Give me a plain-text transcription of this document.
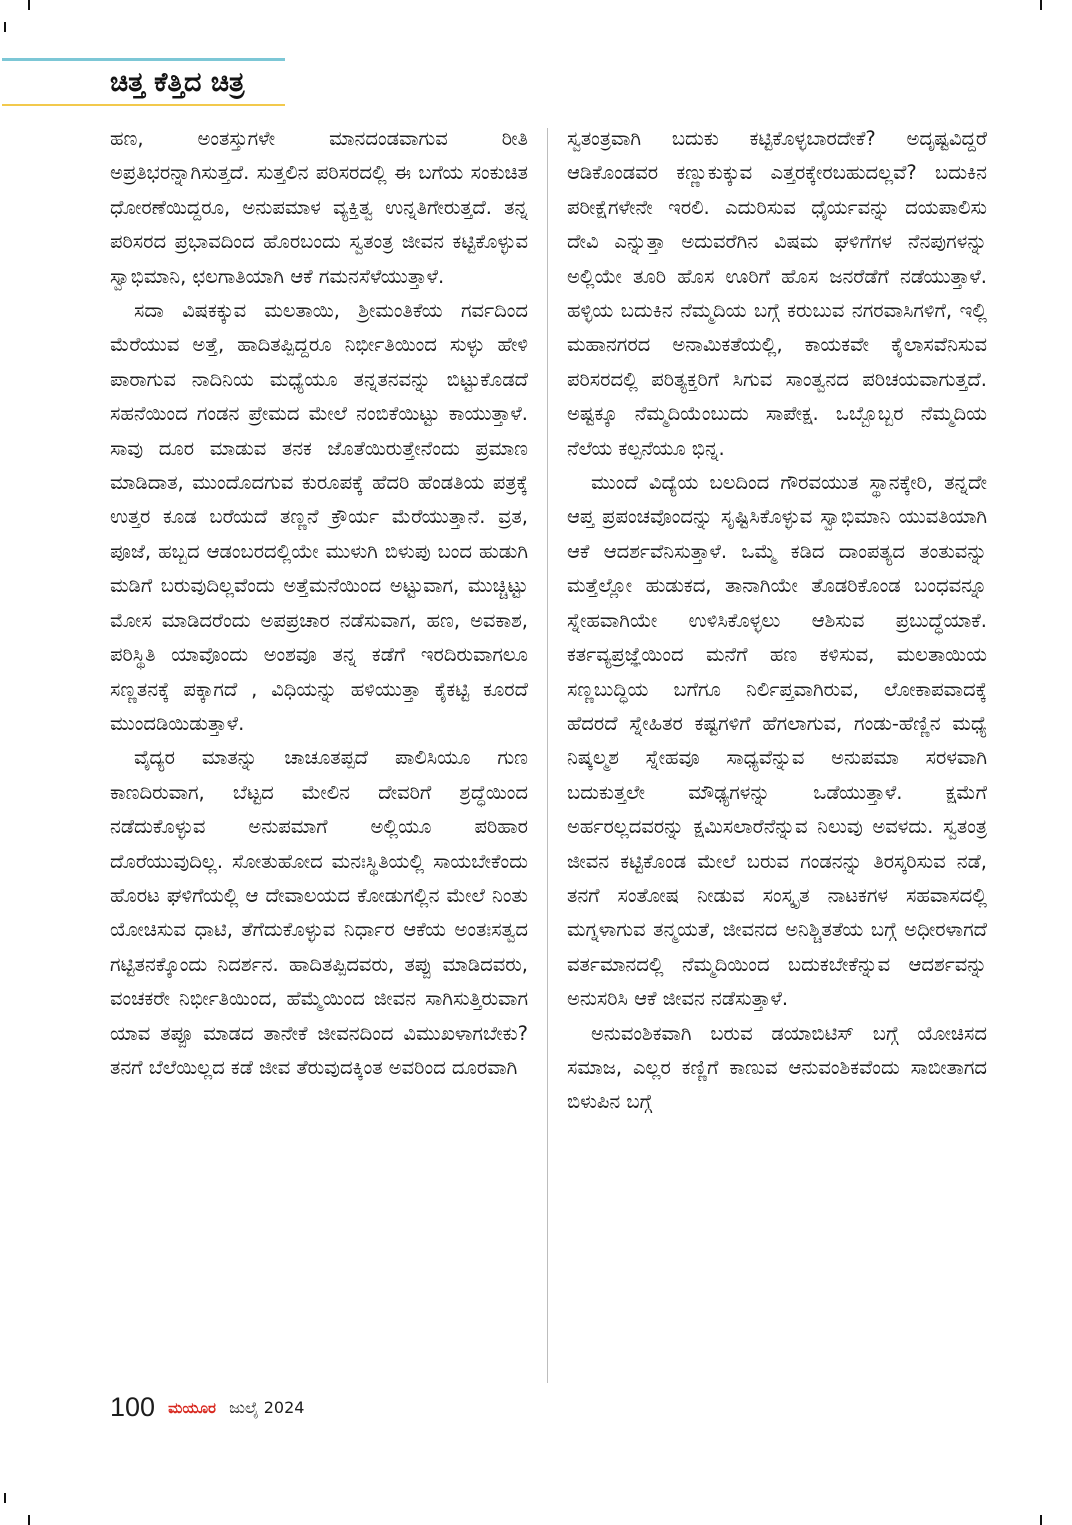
ಚಿತ್ತ ಕೆತ್ತಿದ ಚಿತ್ರ

ಹಣ, ಅಂತಸ್ತುಗಳೇ ಮಾನದಂಡವಾಗುವ ರೀತಿ ಅಪ್ರತಿಭರನ್ನಾಗಿಸುತ್ತದೆ. ಸುತ್ತಲಿನ ಪರಿಸರದಲ್ಲಿ ಈ ಬಗೆಯ ಸಂಕುಚಿತ ಧೋರಣೆಯಿದ್ದರೂ, ಅನುಪಮಾಳ ವ್ಯಕ್ತಿತ್ವ ಉನ್ನತಿಗೇರುತ್ತದೆ. ತನ್ನ ಪರಿಸರದ ಪ್ರಭಾವದಿಂದ ಹೊರಬಂದು ಸ್ವತಂತ್ರ ಜೀವನ ಕಟ್ಟಿಕೊಳ್ಳುವ ಸ್ವಾಭಿಮಾನಿ, ಛಲಗಾತಿಯಾಗಿ ಆಕೆ ಗಮನಸೆಳೆಯುತ್ತಾಳೆ.

ಸದಾ ವಿಷಕಕ್ಕುವ ಮಲತಾಯಿ, ಶ್ರೀಮಂತಿಕೆಯ ಗರ್ವದಿಂದ ಮೆರೆಯುವ ಅತ್ತೆ, ಹಾದಿತಪ್ಪಿದ್ದರೂ ನಿರ್ಭೀತಿಯಿಂದ ಸುಳ್ಳು ಹೇಳಿ ಪಾರಾಗುವ ನಾದಿನಿಯ ಮಧ್ಯೆಯೂ ತನ್ನತನವನ್ನು ಬಿಟ್ಟುಕೊಡದೆ ಸಹನೆಯಿಂದ ಗಂಡನ ಪ್ರೇಮದ ಮೇಲೆ ನಂಬಿಕೆಯಿಟ್ಟು ಕಾಯುತ್ತಾಳೆ. ಸಾವು ದೂರ ಮಾಡುವ ತನಕ ಜೊತೆಯಿರುತ್ತೇನೆಂದು ಪ್ರಮಾಣ ಮಾಡಿದಾತ, ಮುಂದೊದಗುವ ಕುರೂಪಕ್ಕೆ ಹೆದರಿ ಹೆಂಡತಿಯ ಪತ್ರಕ್ಕೆ ಉತ್ತರ ಕೂಡ ಬರೆಯದೆ ತಣ್ಣನೆ ಕ್ರೌರ್ಯ ಮೆರೆಯುತ್ತಾನೆ. ವ್ರತ, ಪೂಜೆ, ಹಬ್ಬದ ಆಡಂಬರದಲ್ಲಿಯೇ ಮುಳುಗಿ ಬಿಳುಪು ಬಂದ ಹುಡುಗಿ ಮಡಿಗೆ ಬರುವುದಿಲ್ಲವೆಂದು ಅತ್ತೆಮನೆಯಿಂದ ಅಟ್ಟುವಾಗ, ಮುಚ್ಚಿಟ್ಟು ಮೋಸ ಮಾಡಿದರೆಂದು ಅಪಪ್ರಚಾರ ನಡೆಸುವಾಗ, ಹಣ, ಅವಕಾಶ, ಪರಿಸ್ಥಿತಿ ಯಾವೊಂದು ಅಂಶವೂ ತನ್ನ ಕಡೆಗೆ ಇರದಿರುವಾಗಲೂ ಸಣ್ಣತನಕ್ಕೆ ಪಕ್ಕಾಗದೆ , ವಿಧಿಯನ್ನು ಹಳಿಯುತ್ತಾ ಕೈಕಟ್ಟಿ ಕೂರದೆ ಮುಂದಡಿಯಿಡುತ್ತಾಳೆ.

ವೈದ್ಯರ ಮಾತನ್ನು ಚಾಚೂತಪ್ಪದೆ ಪಾಲಿಸಿಯೂ ಗುಣ ಕಾಣದಿರುವಾಗ, ಬೆಟ್ಟದ ಮೇಲಿನ ದೇವರಿಗೆ ಶ್ರದ್ಧೆಯಿಂದ ನಡೆದುಕೊಳ್ಳುವ ಅನುಪಮಾಗೆ ಅಲ್ಲಿಯೂ ಪರಿಹಾರ ದೊರೆಯುವುದಿಲ್ಲ. ಸೋತುಹೋದ ಮನಃಸ್ಥಿತಿಯಲ್ಲಿ ಸಾಯಬೇಕೆಂದು ಹೊರಟ ಘಳಿಗೆಯಲ್ಲಿ ಆ ದೇವಾಲಯದ ಕೋಡುಗಲ್ಲಿನ ಮೇಲೆ ನಿಂತು ಯೋಚಿಸುವ ಧಾಟಿ, ತೆಗೆದುಕೊಳ್ಳುವ ನಿರ್ಧಾರ ಆಕೆಯ ಅಂತಃಸತ್ವದ ಗಟ್ಟಿತನಕ್ಕೊಂದು ನಿದರ್ಶನ. ಹಾದಿತಪ್ಪಿದವರು, ತಪ್ಪು ಮಾಡಿದವರು, ವಂಚಕರೇ ನಿರ್ಭೀತಿಯಿಂದ, ಹೆಮ್ಮೆಯಿಂದ ಜೀವನ ಸಾಗಿಸುತ್ತಿರುವಾಗ ಯಾವ ತಪ್ಪೂ ಮಾಡದ ತಾನೇಕೆ ಜೀವನದಿಂದ ವಿಮುಖಳಾಗಬೇಕು? ತನಗೆ ಬೆಲೆಯಿಲ್ಲದ ಕಡೆ ಜೀವ ತೆರುವುದಕ್ಕಿಂತ ಅವರಿಂದ ದೂರವಾಗಿ

ಸ್ವತಂತ್ರವಾಗಿ ಬದುಕು ಕಟ್ಟಿಕೊಳ್ಳಬಾರದೇಕೆ? ಅದೃಷ್ಟವಿದ್ದರೆ ಆಡಿಕೊಂಡವರ ಕಣ್ಣುಕುಕ್ಕುವ ಎತ್ತರಕ್ಕೇರಬಹುದಲ್ಲವೆ? ಬದುಕಿನ ಪರೀಕ್ಷೆಗಳೇನೇ ಇರಲಿ. ಎದುರಿಸುವ ಧೈರ್ಯವನ್ನು ದಯಪಾಲಿಸು ದೇವಿ ಎನ್ನುತ್ತಾ ಅದುವರೆಗಿನ ವಿಷಮ ಘಳಿಗೆಗಳ ನೆನಪುಗಳನ್ನು ಅಲ್ಲಿಯೇ ತೂರಿ ಹೊಸ ಊರಿಗೆ ಹೊಸ ಜನರೆಡೆಗೆ ನಡೆಯುತ್ತಾಳೆ. ಹಳ್ಳಿಯ ಬದುಕಿನ ನೆಮ್ಮದಿಯ ಬಗ್ಗೆ ಕರುಬುವ ನಗರವಾಸಿಗಳಿಗೆ, ಇಲ್ಲಿ ಮಹಾನಗರದ ಅನಾಮಿಕತೆಯಲ್ಲಿ, ಕಾಯಕವೇ ಕೈಲಾಸವೆನಿಸುವ ಪರಿಸರದಲ್ಲಿ ಪರಿತ್ಯಕ್ತರಿಗೆ ಸಿಗುವ ಸಾಂತ್ವನದ ಪರಿಚಯವಾಗುತ್ತದೆ. ಅಷ್ಟಕ್ಕೂ ನೆಮ್ಮದಿಯೆಂಬುದು ಸಾಪೇಕ್ಷ. ಒಬ್ಬೊಬ್ಬರ ನೆಮ್ಮದಿಯ ನೆಲೆಯ ಕಲ್ಪನೆಯೂ ಭಿನ್ನ.

ಮುಂದೆ ವಿದ್ಯೆಯ ಬಲದಿಂದ ಗೌರವಯುತ ಸ್ಥಾನಕ್ಕೇರಿ, ತನ್ನದೇ ಆಪ್ತ ಪ್ರಪಂಚವೊಂದನ್ನು ಸೃಷ್ಟಿಸಿಕೊಳ್ಳುವ ಸ್ವಾಭಿಮಾನಿ ಯುವತಿಯಾಗಿ ಆಕೆ ಆದರ್ಶವೆನಿಸುತ್ತಾಳೆ. ಒಮ್ಮೆ ಕಡಿದ ದಾಂಪತ್ಯದ ತಂತುವನ್ನು ಮತ್ತೆಲ್ಲೋ ಹುಡುಕದ, ತಾನಾಗಿಯೇ ತೊಡರಿಕೊಂಡ ಬಂಧವನ್ನೂ ಸ್ನೇಹವಾಗಿಯೇ ಉಳಿಸಿಕೊಳ್ಳಲು ಆಶಿಸುವ ಪ್ರಬುದ್ಧೆಯಾಕೆ. ಕರ್ತವ್ಯಪ್ರಜ್ಞೆಯಿಂದ ಮನೆಗೆ ಹಣ ಕಳಿಸುವ, ಮಲತಾಯಿಯ ಸಣ್ಣಬುದ್ಧಿಯ ಬಗೆಗೂ ನಿರ್ಲಿಪ್ತವಾಗಿರುವ, ಲೋಕಾಪವಾದಕ್ಕೆ ಹೆದರದೆ ಸ್ನೇಹಿತರ ಕಷ್ಟಗಳಿಗೆ ಹೆಗಲಾಗುವ, ಗಂಡು-ಹೆಣ್ಣಿನ ಮಧ್ಯೆ ನಿಷ್ಕಲ್ಮಶ ಸ್ನೇಹವೂ ಸಾಧ್ಯವೆನ್ನುವ ಅನುಪಮಾ ಸರಳವಾಗಿ ಬದುಕುತ್ತಲೇ ಮೌಢ್ಯಗಳನ್ನು ಒಡೆಯುತ್ತಾಳೆ. ಕ್ಷಮೆಗೆ ಅರ್ಹರಲ್ಲದವರನ್ನು ಕ್ಷಮಿಸಲಾರೆನೆನ್ನುವ ನಿಲುವು ಅವಳದು. ಸ್ವತಂತ್ರ ಜೀವನ ಕಟ್ಟಿಕೊಂಡ ಮೇಲೆ ಬರುವ ಗಂಡನನ್ನು ತಿರಸ್ಕರಿಸುವ ನಡೆ, ತನಗೆ ಸಂತೋಷ ನೀಡುವ ಸಂಸ್ಕೃತ ನಾಟಕಗಳ ಸಹವಾಸದಲ್ಲಿ ಮಗ್ನಳಾಗುವ ತನ್ಮಯತೆ, ಜೀವನದ ಅನಿಶ್ಚಿತತೆಯ ಬಗ್ಗೆ ಅಧೀರಳಾಗದೆ ವರ್ತಮಾನದಲ್ಲಿ ನೆಮ್ಮದಿಯಿಂದ ಬದುಕಬೇಕೆನ್ನುವ ಆದರ್ಶವನ್ನು ಅನುಸರಿಸಿ ಆಕೆ ಜೀವನ ನಡೆಸುತ್ತಾಳೆ.

ಅನುವಂಶಿಕವಾಗಿ ಬರುವ ಡಯಾಬಿಟಿಸ್ ಬಗ್ಗೆ ಯೋಚಿಸದ ಸಮಾಜ, ಎಲ್ಲರ ಕಣ್ಣಿಗೆ ಕಾಣುವ ಆನುವಂಶಿಕವೆಂದು ಸಾಬೀತಾಗದ ಬಿಳುಪಿನ ಬಗ್ಗೆ

100 ಮಯೂರ ಜುಲೈ 2024
